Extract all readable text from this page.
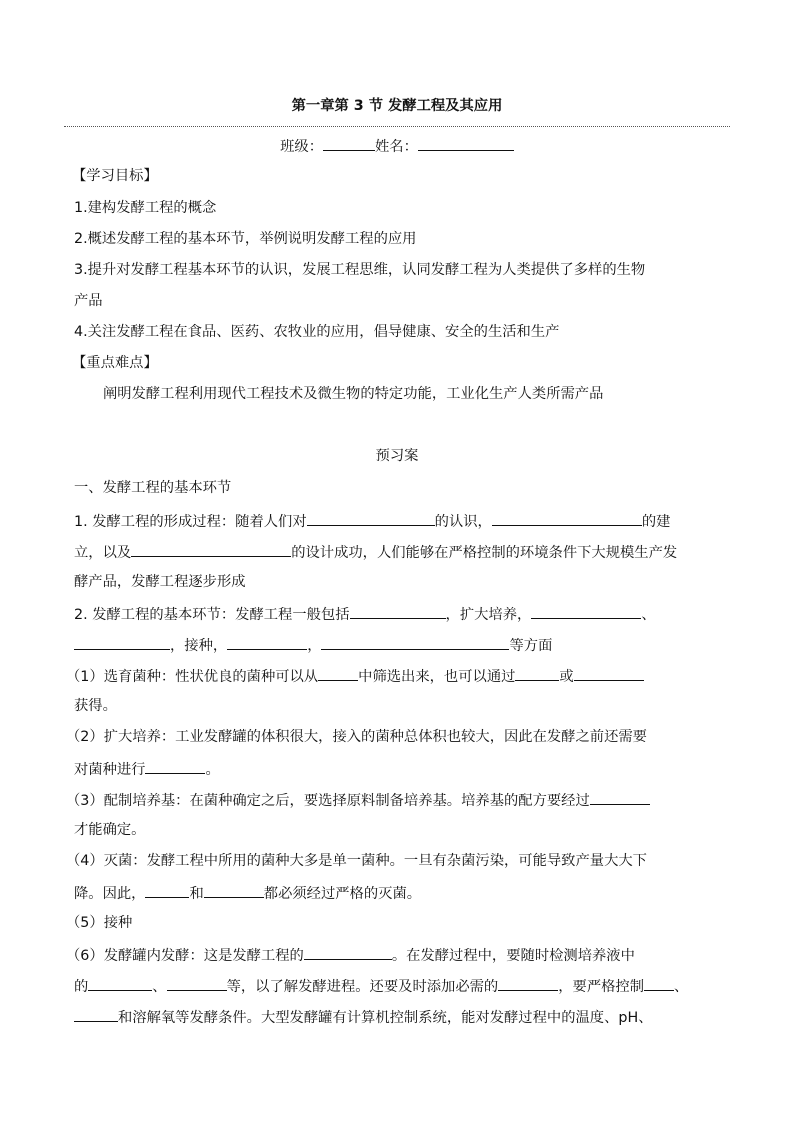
第一章第 3 节 发酵工程及其应用
班级：	姓名：
【学习目标】
1.建构发酵工程的概念
2.概述发酵工程的基本环节，举例说明发酵工程的应用
3.提升对发酵工程基本环节的认识，发展工程思维，认同发酵工程为人类提供了多样的生物
产品
4.关注发酵工程在食品、医药、农牧业的应用，倡导健康、安全的生活和生产
【重点难点】
阐明发酵工程利用现代工程技术及微生物的特定功能，工业化生产人类所需产品
预习案
一、发酵工程的基本环节
1. 发酵工程的形成过程：随着人们对	的认识，	的建
立，以及	的设计成功，人们能够在严格控制的环境条件下大规模生产发
酵产品，发酵工程逐步形成
2. 发酵工程的基本环节：发酵工程一般包括	，扩大培养，	、
，接种，	，	等方面
（1）选育菌种：性状优良的菌种可以从	中筛选出来，也可以通过	或
获得。
（2）扩大培养：工业发酵罐的体积很大，接入的菌种总体积也较大，因此在发酵之前还需要
对菌种进行	。
（3）配制培养基：在菌种确定之后，要选择原料制备培养基。培养基的配方要经过
才能确定。
（4）灭菌：发酵工程中所用的菌种大多是单一菌种。一旦有杂菌污染，可能导致产量大大下
降。因此，	和	都必须经过严格的灭菌。
（5）接种
（6）发酵罐内发酵：这是发酵工程的	。在发酵过程中，要随时检测培养液中
的	、	等，以了解发酵进程。还要及时添加必需的	，要严格控制 、
和溶解氧等发酵条件。大型发酵罐有计算机控制系统，能对发酵过程中的温度、pH、
